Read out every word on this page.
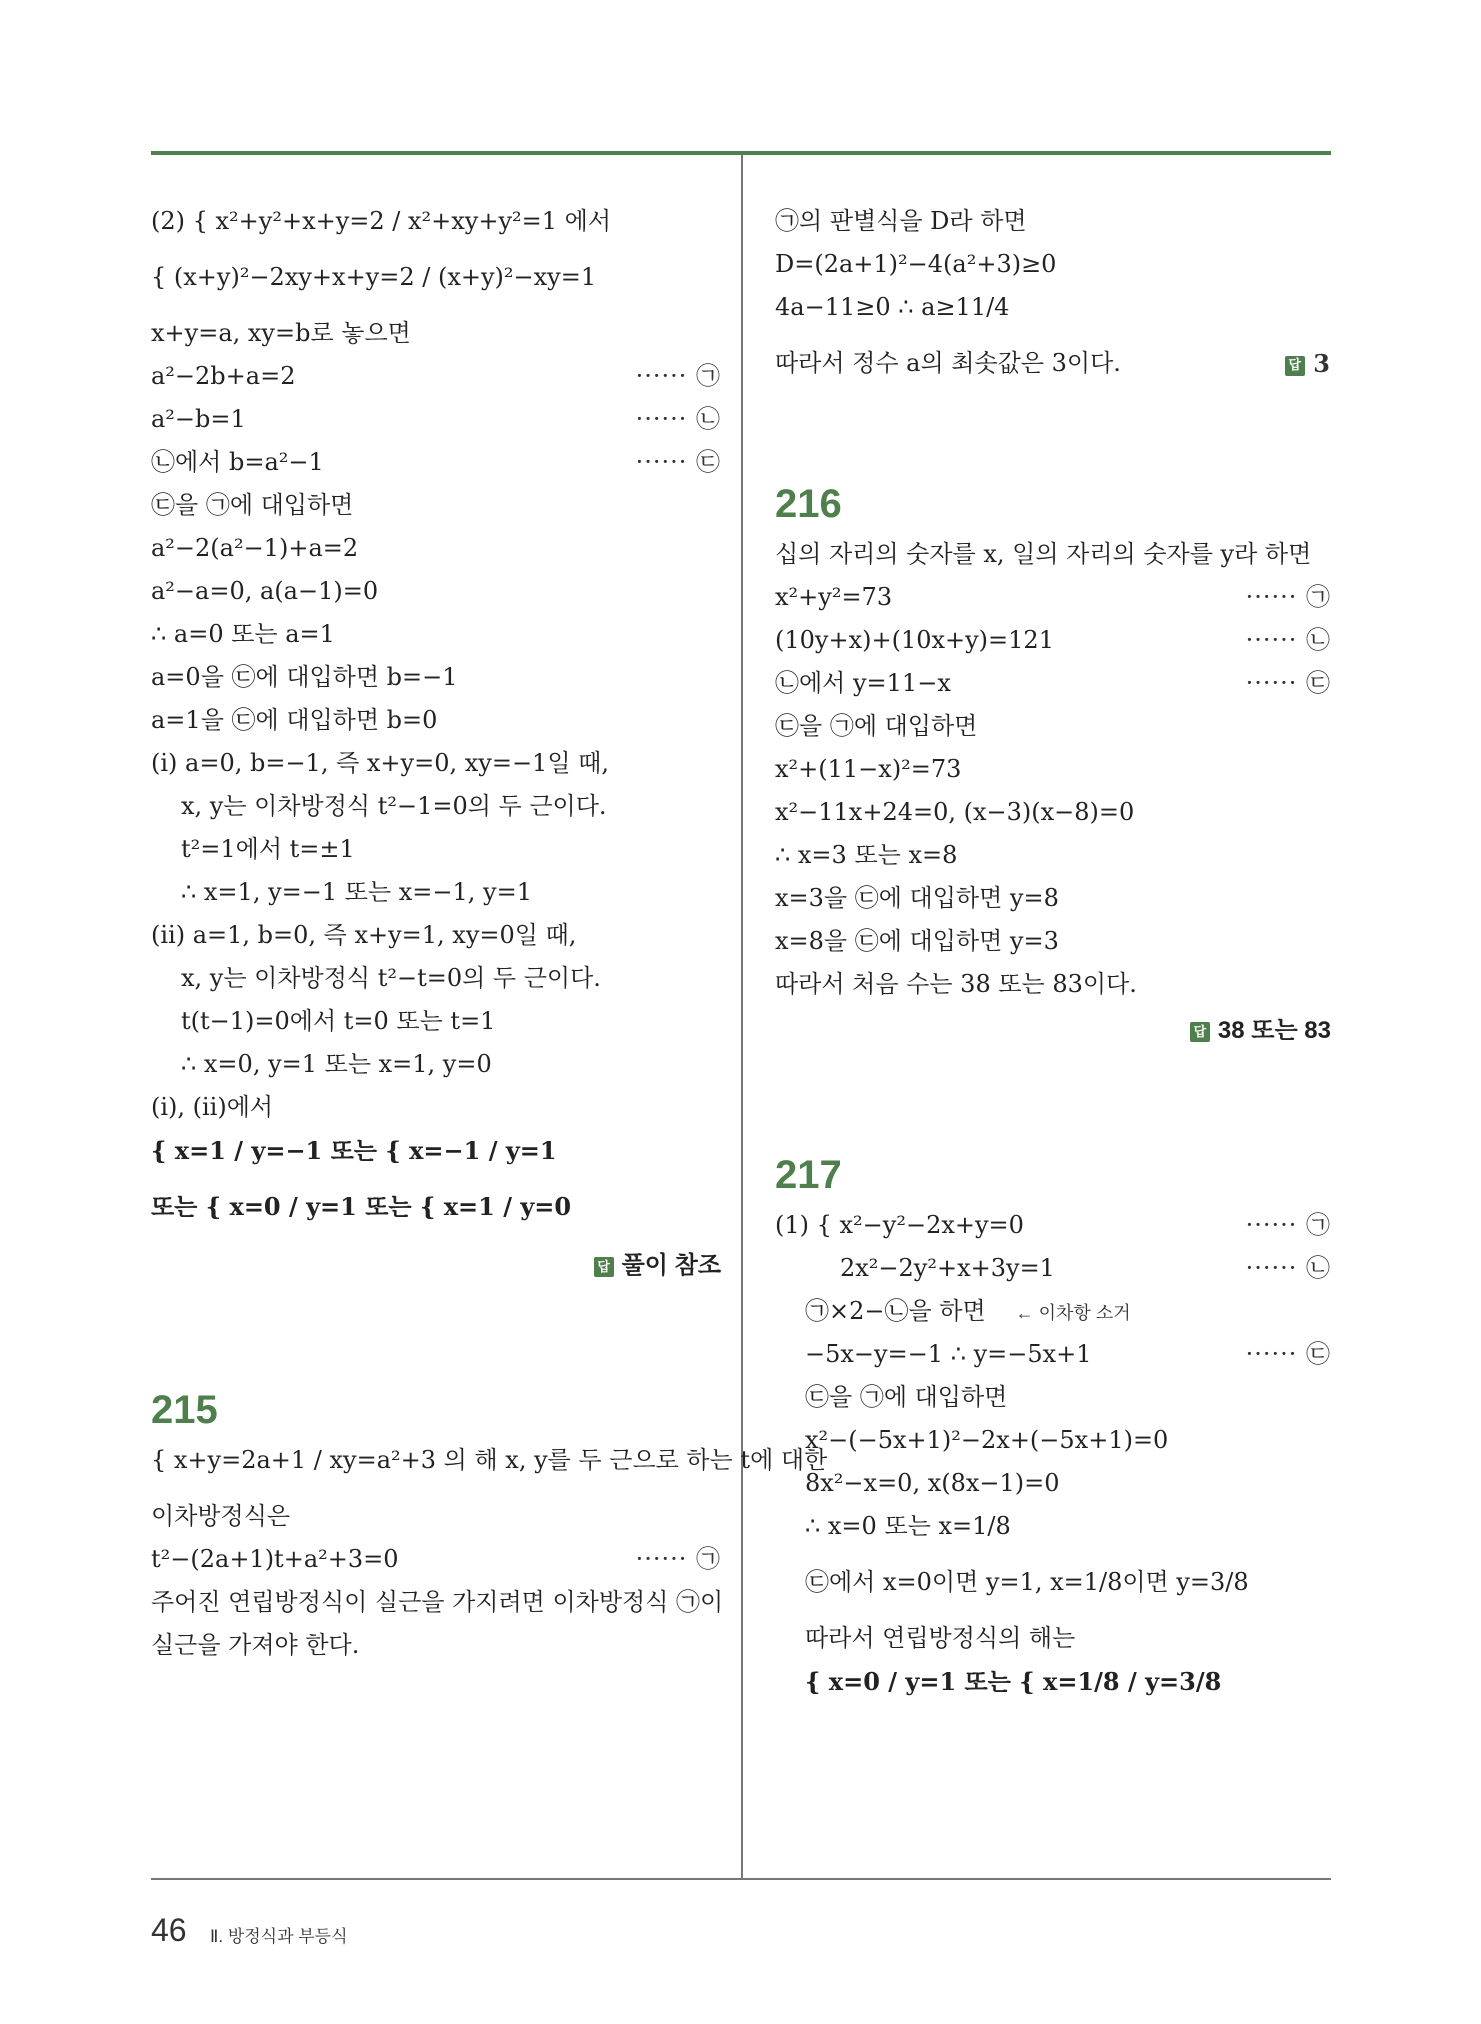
(2) { x²+y²+x+y=2 / x²+xy+y²=1 에서
{ (x+y)²−2xy+x+y=2 / (x+y)²−xy=1
x+y=a, xy=b로 놓으면
a²−2b+a=2	······ ㉠
a²−b=1	······ ㉡
㉡에서 b=a²−1	······ ㉢
㉢을 ㉠에 대입하면
a²−2(a²−1)+a=2
a²−a=0, a(a−1)=0
∴ a=0 또는 a=1
a=0을 ㉢에 대입하면 b=−1
a=1을 ㉢에 대입하면 b=0
(ⅰ) a=0, b=−1, 즉 x+y=0, xy=−1일 때,
x, y는 이차방정식 t²−1=0의 두 근이다.
t²=1에서 t=±1
∴ x=1, y=−1 또는 x=−1, y=1
(ⅱ) a=1, b=0, 즉 x+y=1, xy=0일 때,
x, y는 이차방정식 t²−t=0의 두 근이다.
t(t−1)=0에서 t=0 또는 t=1
∴ x=0, y=1 또는 x=1, y=0
(ⅰ), (ⅱ)에서
{ x=1 / y=−1 또는 { x=−1 / y=1
또는 { x=0 / y=1 또는 { x=1 / y=0
답 풀이 참조
215
{ x+y=2a+1 / xy=a²+3 의 해 x, y를 두 근으로 하는 t에 대한
이차방정식은
t²−(2a+1)t+a²+3=0	······ ㉠
주어진 연립방정식이 실근을 가지려면 이차방정식 ㉠이
실근을 가져야 한다.
㉠의 판별식을 D라 하면
D=(2a+1)²−4(a²+3)≥0
4a−11≥0 ∴ a≥11/4
따라서 정수 a의 최솟값은 3이다.	답 3
216
십의 자리의 숫자를 x, 일의 자리의 숫자를 y라 하면
x²+y²=73	······ ㉠
(10y+x)+(10x+y)=121	······ ㉡
㉡에서 y=11−x	······ ㉢
㉢을 ㉠에 대입하면
x²+(11−x)²=73
x²−11x+24=0, (x−3)(x−8)=0
∴ x=3 또는 x=8
x=3을 ㉢에 대입하면 y=8
x=8을 ㉢에 대입하면 y=3
따라서 처음 수는 38 또는 83이다.
답 38 또는 83
217
(1) { x²−y²−2x+y=0	······ ㉠
2x²−2y²+x+3y=1	······ ㉡
㉠×2−㉡을 하면 ← 이차항 소거
−5x−y=−1 ∴ y=−5x+1	······ ㉢
㉢을 ㉠에 대입하면
x²−(−5x+1)²−2x+(−5x+1)=0
8x²−x=0, x(8x−1)=0
∴ x=0 또는 x=1/8
㉢에서 x=0이면 y=1, x=1/8이면 y=3/8
따라서 연립방정식의 해는
{ x=0 / y=1 또는 { x=1/8 / y=3/8
46 Ⅱ. 방정식과 부등식
